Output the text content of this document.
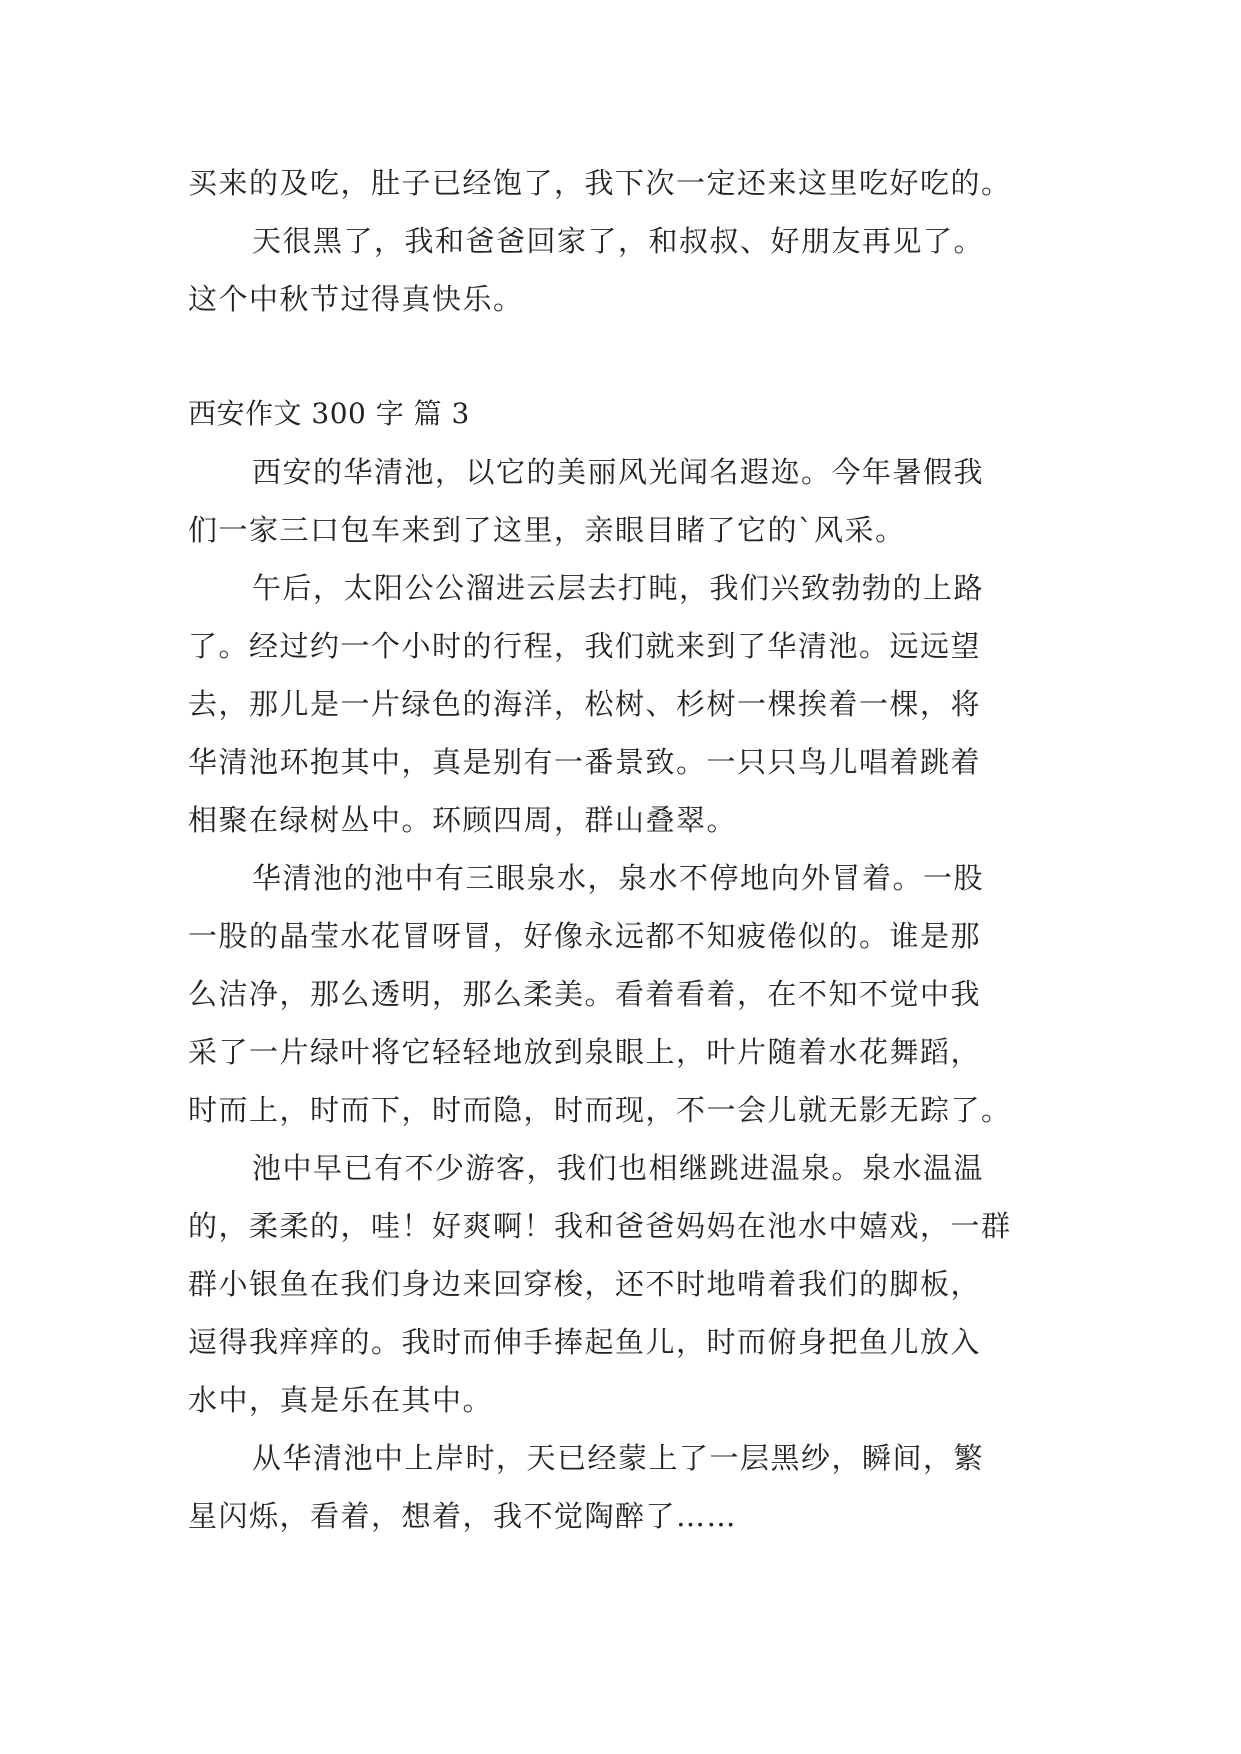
买来的及吃，肚子已经饱了，我下次一定还来这里吃好吃的。
天很黑了，我和爸爸回家了，和叔叔、好朋友再见了。
这个中秋节过得真快乐。
西安作文 300 字 篇 3
西安的华清池，以它的美丽风光闻名遐迩。今年暑假我
们一家三口包车来到了这里，亲眼目睹了它的`风采。
午后，太阳公公溜进云层去打盹，我们兴致勃勃的上路
了。经过约一个小时的行程，我们就来到了华清池。远远望
去，那儿是一片绿色的海洋，松树、杉树一棵挨着一棵，将
华清池环抱其中，真是别有一番景致。一只只鸟儿唱着跳着
相聚在绿树丛中。环顾四周，群山叠翠。
华清池的池中有三眼泉水，泉水不停地向外冒着。一股
一股的晶莹水花冒呀冒，好像永远都不知疲倦似的。谁是那
么洁净，那么透明，那么柔美。看着看着，在不知不觉中我
采了一片绿叶将它轻轻地放到泉眼上，叶片随着水花舞蹈，
时而上，时而下，时而隐，时而现，不一会儿就无影无踪了。
池中早已有不少游客，我们也相继跳进温泉。泉水温温
的，柔柔的，哇！好爽啊！我和爸爸妈妈在池水中嬉戏，一群
群小银鱼在我们身边来回穿梭，还不时地啃着我们的脚板，
逗得我痒痒的。我时而伸手捧起鱼儿，时而俯身把鱼儿放入
水中，真是乐在其中。
从华清池中上岸时，天已经蒙上了一层黑纱，瞬间，繁
星闪烁，看着，想着，我不觉陶醉了……
